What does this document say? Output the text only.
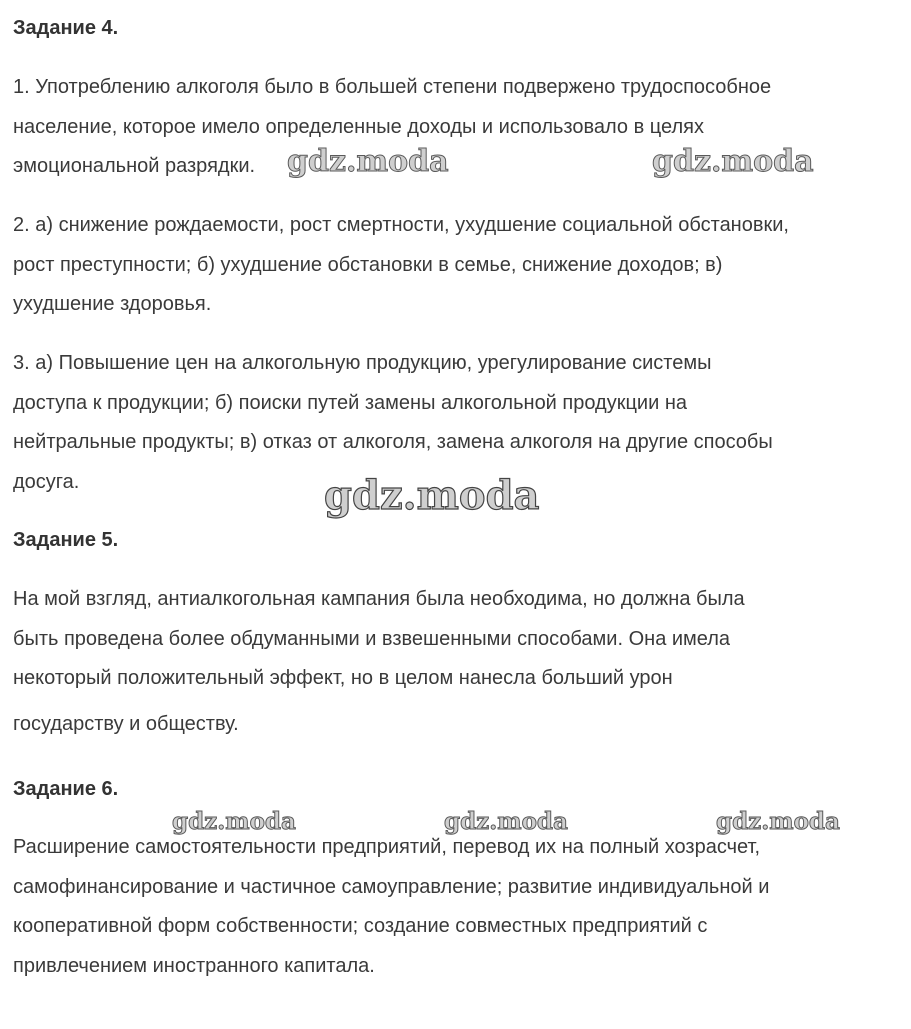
Задание 4.

1. Употреблению алкоголя было в большей степени подвержено трудоспособное
население, которое имело определенные доходы и использовало в целях
эмоциональной разрядки.

2. а) снижение рождаемости, рост смертности, ухудшение социальной обстановки,
рост преступности; б) ухудшение обстановки в семье, снижение доходов; в)
ухудшение здоровья.

3. а) Повышение цен на алкогольную продукцию, урегулирование системы
доступа к продукции; б) поиски путей замены алкогольной продукции на
нейтральные продукты; в) отказ от алкоголя, замена алкоголя на другие способы
досуга.

Задание 5.

На мой взгляд, антиалкогольная кампания была необходима, но должна была
быть проведена более обдуманными и взвешенными способами. Она имела
некоторый положительный эффект, но в целом нанесла больший урон
государству и обществу.

Задание 6.

Расширение самостоятельности предприятий, перевод их на полный хозрасчет,
самофинансирование и частичное самоуправление; развитие индивидуальной и
кооперативной форм собственности; создание совместных предприятий с
привлечением иностранного капитала.

gdz.moda	gdz.moda
gdz.moda
gdz.moda	gdz.moda	gdz.moda
